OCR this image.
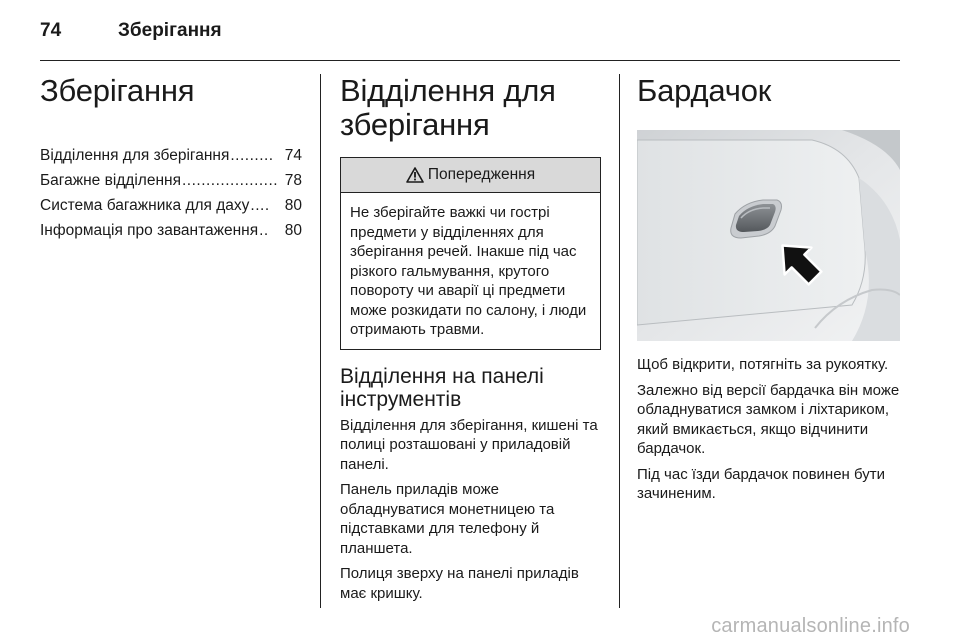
74	Зберігання
Зберігання
Відділення для зберігання ......... 74
Багажне відділення .................... 78
Система багажника для даху .... 80
Інформація про завантаження ..	80
Відділення для
зберігання
Попередження
Не зберігайте важкі чи гострі предмети у відділеннях для зберігання речей. Інакше під час різкого гальмування, крутого повороту чи аварії ці предмети може розкидати по салону, і люди отримають травми.
Відділення на панелі
інструментів

Відділення для зберігання, кишені та полиці розташовані у приладовій панелі.

Панель приладів може обладнуватися монетницею та підставками для телефону й планшета.

Полиця зверху на панелі приладів має кришку.

Бардачок

Щоб відкрити, потягніть за рукоятку.

Залежно від версії бардачка він може обладнуватися замком і ліхтариком, який вмикається, якщо відчинити бардачок.

Під час їзди бардачок повинен бути зачиненим.

carmanualsonline.info
